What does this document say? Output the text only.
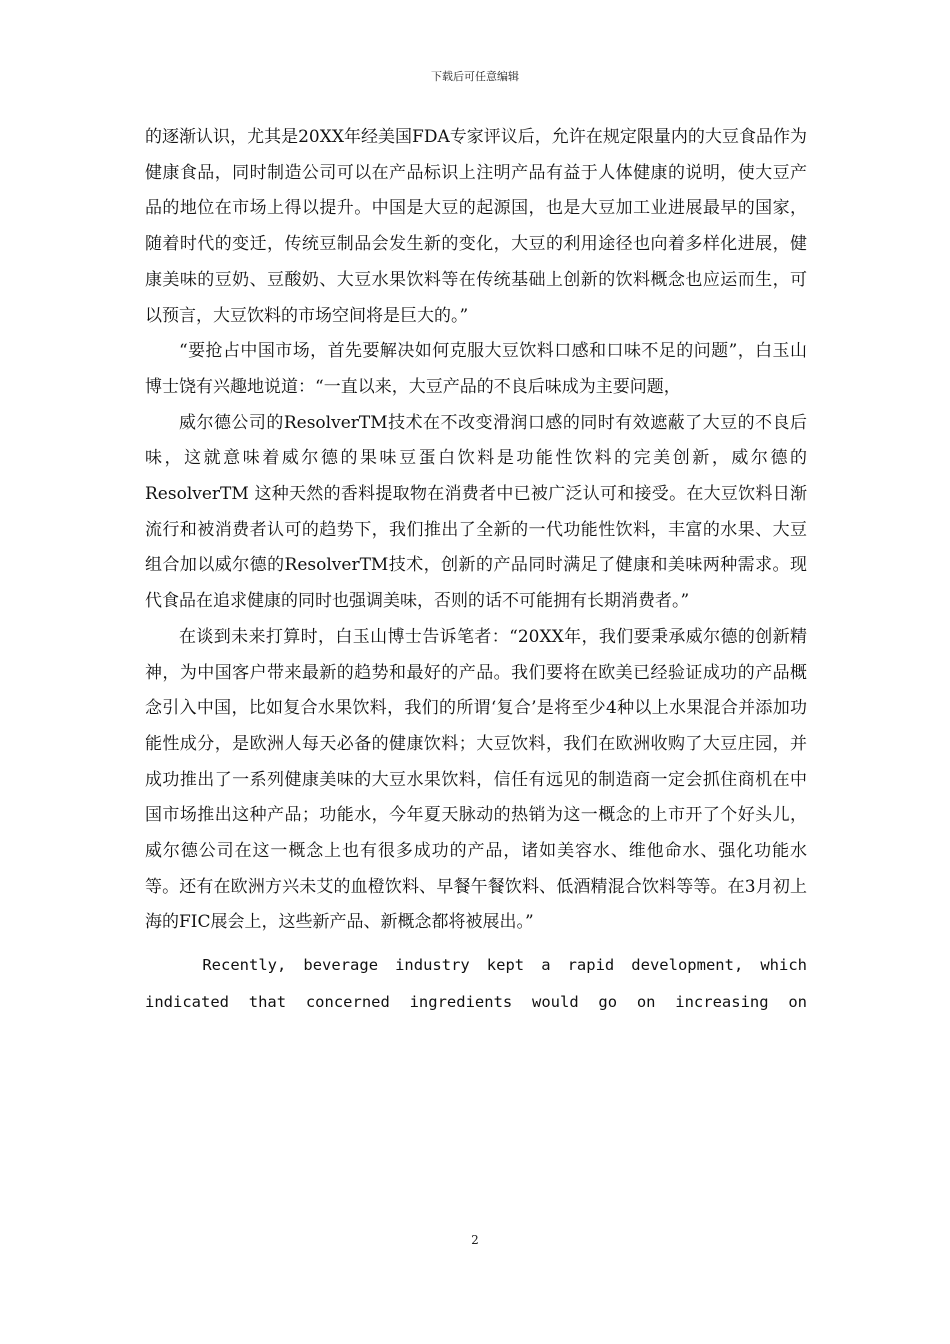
下载后可任意编辑

的逐渐认识，尤其是20XX年经美国FDA专家评议后，允许在规定限量内的大豆食品作为健康食品，同时制造公司可以在产品标识上注明产品有益于人体健康的说明，使大豆产品的地位在市场上得以提升。中国是大豆的起源国，也是大豆加工业进展最早的国家，随着时代的变迁，传统豆制品会发生新的变化，大豆的利用途径也向着多样化进展，健康美味的豆奶、豆酸奶、大豆水果饮料等在传统基础上创新的饮料概念也应运而生，可以预言，大豆饮料的市场空间将是巨大的。”

“要抢占中国市场，首先要解决如何克服大豆饮料口感和口味不足的问题”，白玉山博士饶有兴趣地说道：“一直以来，大豆产品的不良后味成为主要问题，

威尔德公司的ResolverTM技术在不改变滑润口感的同时有效遮蔽了大豆的不良后味，这就意味着威尔德的果味豆蛋白饮料是功能性饮料的完美创新，威尔德的ResolverTM 这种天然的香料提取物在消费者中已被广泛认可和接受。在大豆饮料日渐流行和被消费者认可的趋势下，我们推出了全新的一代功能性饮料，丰富的水果、大豆组合加以威尔德的ResolverTM技术，创新的产品同时满足了健康和美味两种需求。现代食品在追求健康的同时也强调美味，否则的话不可能拥有长期消费者。”

在谈到未来打算时，白玉山博士告诉笔者：“20XX年，我们要秉承威尔德的创新精神，为中国客户带来最新的趋势和最好的产品。我们要将在欧美已经验证成功的产品概念引入中国，比如复合水果饮料，我们的所谓‘复合’是将至少4种以上水果混合并添加功能性成分，是欧洲人每天必备的健康饮料；大豆饮料，我们在欧洲收购了大豆庄园，并成功推出了一系列健康美味的大豆水果饮料，信任有远见的制造商一定会抓住商机在中国市场推出这种产品；功能水，今年夏天脉动的热销为这一概念的上市开了个好头儿，威尔德公司在这一概念上也有很多成功的产品，诸如美容水、维他命水、强化功能水等。还有在欧洲方兴未艾的血橙饮料、早餐午餐饮料、低酒精混合饮料等等。在3月初上海的FIC展会上，这些新产品、新概念都将被展出。”

Recently, beverage industry kept a rapid development, which indicated that concerned ingredients would go on increasing on

2
